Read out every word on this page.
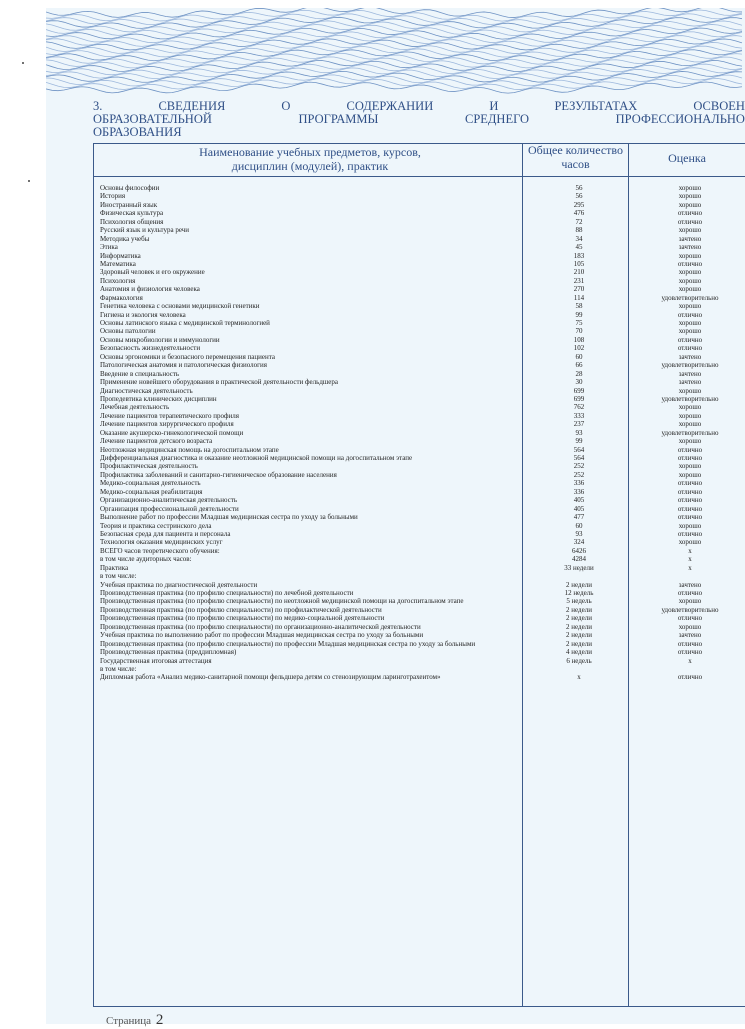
3.	СВЕДЕНИЯ	О	СОДЕРЖАНИИ	И	РЕЗУЛЬТАТАХ	ОСВОЕН
ОБРАЗОВАТЕЛЬНОЙ	ПРОГРАММЫ	СРЕДНЕГО	ПРОФЕССИОНАЛЬНО
ОБРАЗОВАНИЯ
Наименование учебных предметов, курсов, дисциплин (модулей), практик
Общее количество часов	Оценка
Основы философии	56	хорошо
История	56	хорошо
Иностранный язык	295	хорошо
Физическая культура	476	отлично
Психология общения	72	отлично
Русский язык и культура речи	88	хорошо
Методика учебы	34	зачтено
Этика	45	зачтено
Информатика	183	хорошо
Математика	105	отлично
Здоровый человек и его окружение	210	хорошо
Психология	231	хорошо
Анатомия и физиология человека	270	хорошо
Фармакология	114	удовлетворительно
Генетика человека с основами медицинской генетики	58	хорошо
Гигиена и экология человека	99	отлично
Основы латинского языка с медицинской терминологией	75	хорошо
Основы патологии	70	хорошо
Основы микробиологии и иммунологии	108	отлично
Безопасность жизнедеятельности	102	отлично
Основы эргономики и безопасного перемещения пациента	60	зачтено
Патологическая анатомия и патологическая физиология	66	удовлетворительно
Введение в специальность	28	зачтено
Применение новейшего оборудования в практической деятельности фельдшера	30	зачтено
Диагностическая деятельность	699	хорошо
Пропедевтика клинических дисциплин	699	удовлетворительно
Лечебная деятельность	762	хорошо
Лечение пациентов терапевтического профиля	333	хорошо
Лечение пациентов хирургического профиля	237	хорошо
Оказание акушерско-гинекологической помощи	93	удовлетворительно
Лечение пациентов детского возраста	99	хорошо
Неотложная медицинская помощь на догоспитальном этапе	564	отлично
Дифференциальная диагностика и оказание неотложной медицинской помощи на догоспитальном этапе	564	отлично
Профилактическая деятельность	252	хорошо
Профилактика заболеваний и санитарно-гигиеническое образование населения	252	хорошо
Медико-социальная деятельность	336	отлично
Медико-социальная реабилитация	336	отлично
Организационно-аналитическая деятельность	405	отлично
Организация профессиональной деятельности	405	отлично
Выполнение работ по профессии Младшая медицинская сестра по уходу за больными	477	отлично
Теория и практика сестринского дела	60	хорошо
Безопасная среда для пациента и персонала	93	отлично
Технология оказания медицинских услуг	324	хорошо
ВСЕГО часов теоретического обучения:	6426	x
в том числе аудиторных часов:	4284	x
Практика	33 недели	x
в том числе:
Учебная практика по диагностической деятельности	2 недели	зачтено
Производственная практика (по профилю специальности) по лечебной деятельности	12 недель	отлично
Производственная практика (по профилю специальности) по неотложной медицинской помощи на догоспитальном этапе	5 недель	хорошо
Производственная практика (по профилю специальности) по профилактической деятельности	2 недели	удовлетворительно
Производственная практика (по профилю специальности) по медико-социальной деятельности	2 недели	отлично
Производственная практика (по профилю специальности) по организационно-аналитической деятельности	2 недели	хорошо
Учебная практика по выполнению работ по профессии Младшая медицинская сестра по уходу за больными	2 недели	зачтено
Производственная практика (по профилю специальности) по профессии Младшая медицинская сестра по уходу за больными	2 недели	отлично
Производственная практика (преддипломная)	4 недели	отлично
Государственная итоговая аттестация	6 недель	x
в том числе:
Дипломная работа «Анализ медико-санитарной помощи фельдшера детям со стенозирующим ларинготрахеитом»	x	отлично
Страница 2
